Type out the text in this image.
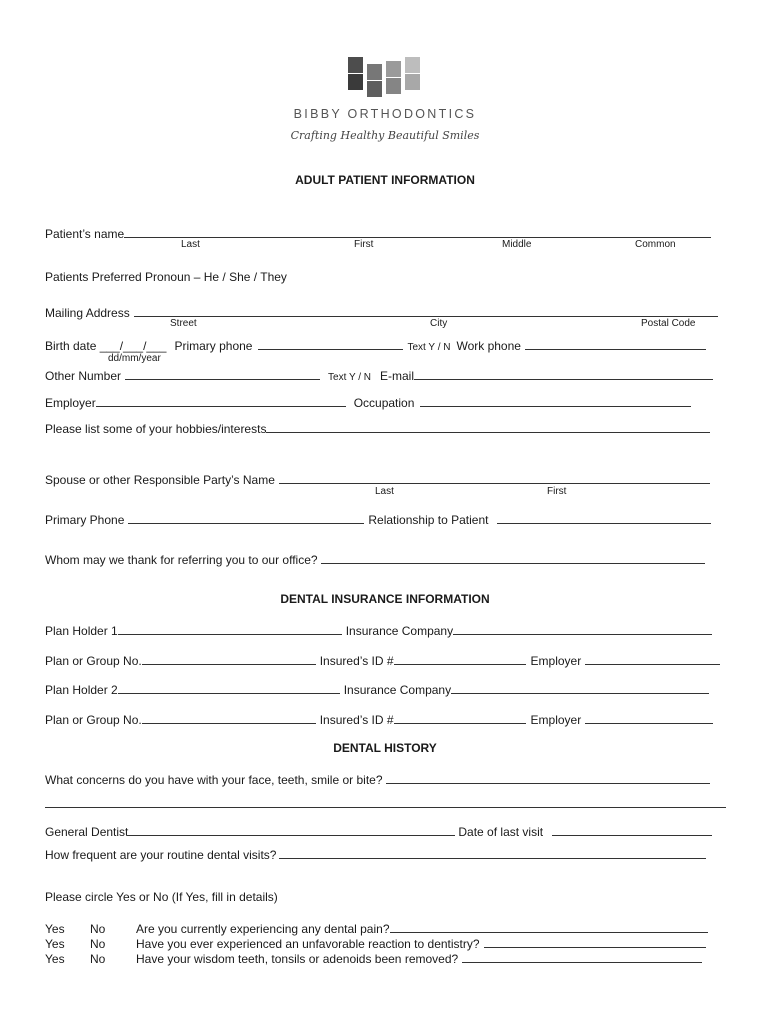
BIBBY ORTHODONTICS
Crafting Healthy Beautiful Smiles
ADULT PATIENT INFORMATION
Patient’s name
Last	First	Middle	Common
Patients Preferred Pronoun – He / She / They
Mailing Address
Street	City	Postal Code
Birth date ___/___/___ Primary phone	Text Y / N Work phone
dd/mm/year
Other Number	Text Y / N E-mail
Employer	Occupation
Please list some of your hobbies/interests
Spouse or other Responsible Party’s Name
Last	First
Primary Phone	Relationship to Patient
Whom may we thank for referring you to our office?
DENTAL INSURANCE INFORMATION
Plan Holder 1	Insurance Company
Plan or Group No.	Insured’s ID #	Employer
Plan Holder 2	Insurance Company
Plan or Group No.	Insured’s ID #	Employer
DENTAL HISTORY
What concerns do you have with your face, teeth, smile or bite?
General Dentist	Date of last visit
How frequent are your routine dental visits?
Please circle Yes or No (If Yes, fill in details)
Yes No	Are you currently experiencing any dental pain?
Yes No	Have you ever experienced an unfavorable reaction to dentistry?
Yes No	Have your wisdom teeth, tonsils or adenoids been removed?
